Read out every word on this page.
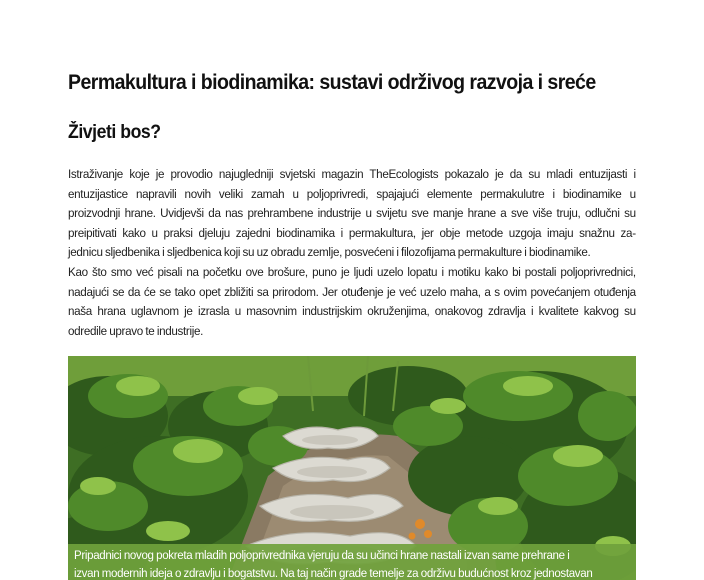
Permakultura i biodinamika: sustavi održivog razvoja i sreće
Živjeti bos?
Istraživanje koje je provodio najugledniji svjetski magazin TheEcologists pokazalo je da su mladi entuzijasti i
entuzijastice napravili novih veliki zamah u poljoprivredi, spajajući elemente permakulutre i biodinamike u
proizvodnji hrane. Uvidjevši da nas prehrambene industrije u svijetu sve manje hrane a sve više truju, odlučni su
preipitivati kako u praksi djeluju zajedni biodinamika i permakultura, jer obje metode uzgoja imaju snažnu za-
jednicu sljedbenika i sljedbenica koji su uz obradu zemlje, posvećeni i filozofijama permakulture i biodinamike.
Kao što smo već pisali na početku ove brošure, puno je ljudi uzelo lopatu i motiku kako bi postali poljoprivrednici,
nadajući se da će se tako opet zbližiti sa prirodom. Jer otuđenje je već uzelo maha, a s ovim povećanjem otuđenja
naša hrana uglavnom je izrasla u masovnim industrijskim okruženjima, onakovog zdravlja i kvalitete kakvog su
odredile upravo te industrije.
Pripadnici novog pokreta mladih poljoprivrednika vjeruju da su učinci hrane nastali izvan same prehrane i
izvan modernih ideja o zdravlju i bogatstvu. Na taj način grade temelje za održivu budućnost kroz jednostavan
